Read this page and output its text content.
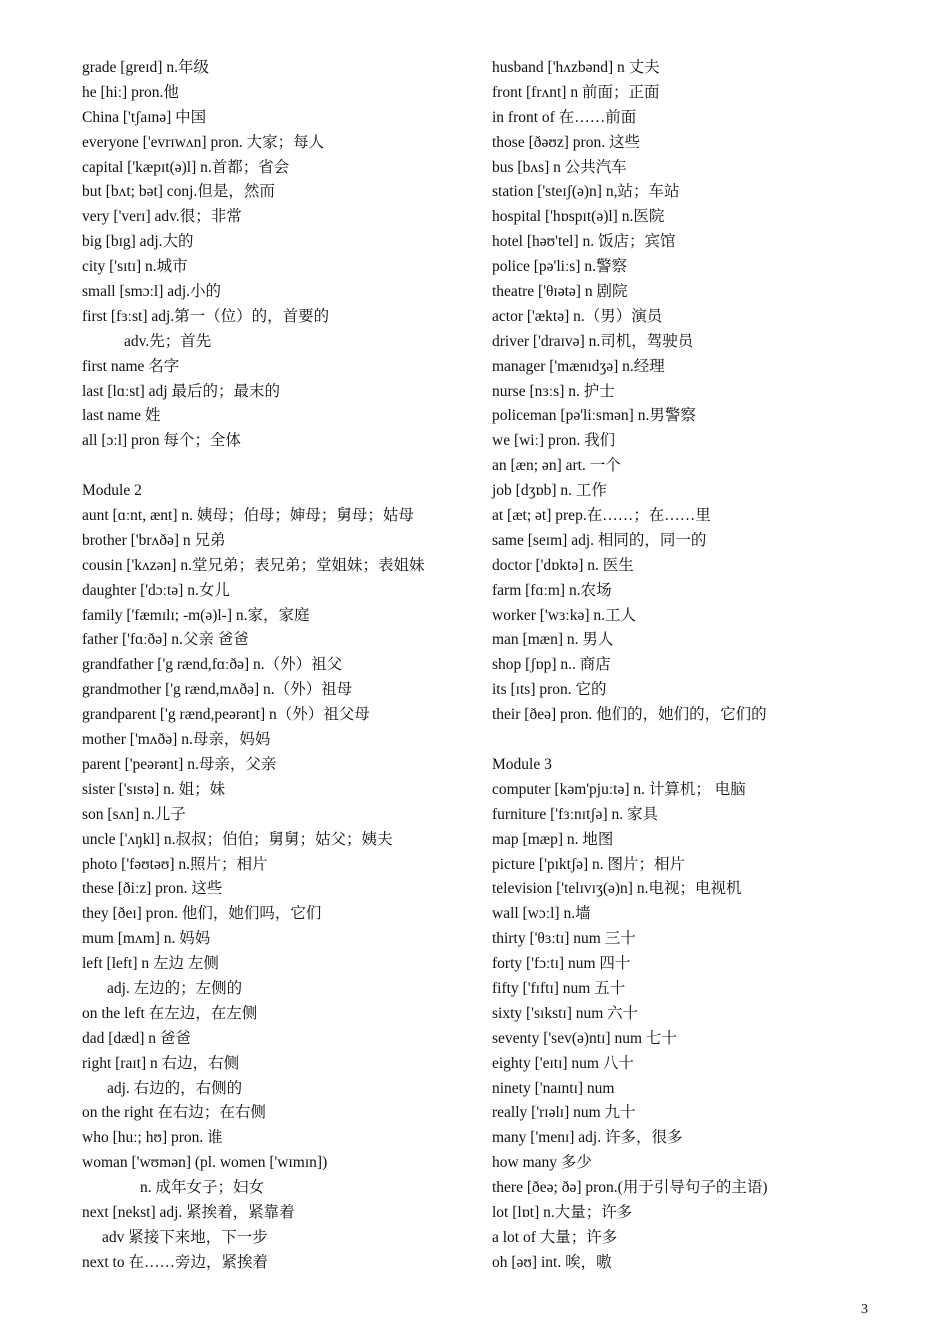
grade [greɪd] n.年级
he [hiː] pron.他
China ['tʃaɪnə] 中国
everyone ['evrɪwʌn] pron. 大家；每人
capital ['kæpɪt(ə)l] n.首都；省会
but [bʌt; bət] conj.但是，然而
very ['verɪ] adv.很；非常
big [bɪg] adj.大的
city ['sɪtɪ] n.城市
small [smɔːl] adj.小的
first [fɜːst] adj.第一（位）的，首要的
adv.先；首先
first name 名字
last [lɑːst] adj 最后的；最末的
last name 姓
all [ɔːl] pron 每个；全体
Module 2
aunt [ɑːnt, ænt] n. 姨母；伯母；婶母；舅母；姑母
brother ['brʌðə] n 兄弟
cousin ['kʌzən] n.堂兄弟；表兄弟；堂姐妹；表姐妹
daughter ['dɔːtə] n.女儿
family ['fæmɪlɪ; -m(ə)l-] n.家，家庭
father ['fɑːðə] n.父亲 爸爸
grandfather ['g rænd,fɑːðə] n.（外）祖父
grandmother ['g rænd,mʌðə] n.（外）祖母
grandparent ['g rænd,peərənt] n（外）祖父母
mother ['mʌðə] n.母亲，妈妈
parent ['peərənt] n.母亲，父亲
sister ['sɪstə] n. 姐；妹
son [sʌn] n.儿子
uncle ['ʌŋkl] n.叔叔；伯伯；舅舅；姑父；姨夫
photo ['fəʊtəʊ] n.照片；相片
these [ðiːz] pron. 这些
they [ðeɪ] pron. 他们，她们吗，它们
mum [mʌm] n. 妈妈
left [left] n 左边 左侧
adj. 左边的；左侧的
on the left 在左边，在左侧
dad [dæd] n 爸爸
right [raɪt] n 右边，右侧
adj. 右边的，右侧的
on the right 在右边；在右侧
who [huː; hʊ] pron. 谁
woman ['wʊmən] (pl. women ['wɪmɪn])
n. 成年女子；妇女
next [nekst] adj. 紧挨着，紧靠着
adv 紧接下来地，下一步
next to 在……旁边，紧挨着
husband ['hʌzbənd] n 丈夫
front [frʌnt] n 前面；正面
in front of 在……前面
those [ðəʊz] pron. 这些
bus [bʌs] n 公共汽车
station ['steɪʃ(ə)n] n,站；车站
hospital ['hɒspɪt(ə)l] n.医院
hotel [həʊ'tel] n. 饭店；宾馆
police [pə'liːs] n.警察
theatre ['θɪətə] n 剧院
actor ['æktə] n.（男）演员
driver ['draɪvə] n.司机，驾驶员
manager ['mænɪdʒə] n.经理
nurse [nɜːs] n. 护士
policeman [pə'liːsmən] n.男警察
we [wiː] pron. 我们
an [æn; ən] art. 一个
job [dʒɒb] n. 工作
at [æt; ət] prep.在……；在……里
same [seɪm] adj. 相同的，同一的
doctor ['dɒktə] n. 医生
farm [fɑːm] n.农场
worker ['wɜːkə] n.工人
man [mæn] n. 男人
shop [ʃɒp] n.. 商店
its [ɪts] pron. 它的
their [ðeə] pron. 他们的，她们的，它们的
Module 3
computer [kəm'pjuːtə] n. 计算机； 电脑
furniture ['fɜːnɪtʃə] n. 家具
map [mæp] n. 地图
picture ['pɪktʃə] n. 图片；相片
television ['telɪvɪʒ(ə)n] n.电视；电视机
wall [wɔːl] n.墙
thirty ['θɜːtɪ] num 三十
forty ['fɔːtɪ] num 四十
fifty ['fɪftɪ] num 五十
sixty ['sɪkstɪ] num 六十
seventy ['sev(ə)ntɪ] num 七十
eighty ['eɪtɪ] num 八十
ninety ['naɪntɪ] num
really ['rɪəlɪ] num 九十
many ['menɪ] adj. 许多，很多
how many 多少
there [ðeə; ðə] pron.(用于引导句子的主语)
lot [lɒt] n.大量；许多
a lot of 大量；许多
oh [əʊ] int. 唉，嗷
3
